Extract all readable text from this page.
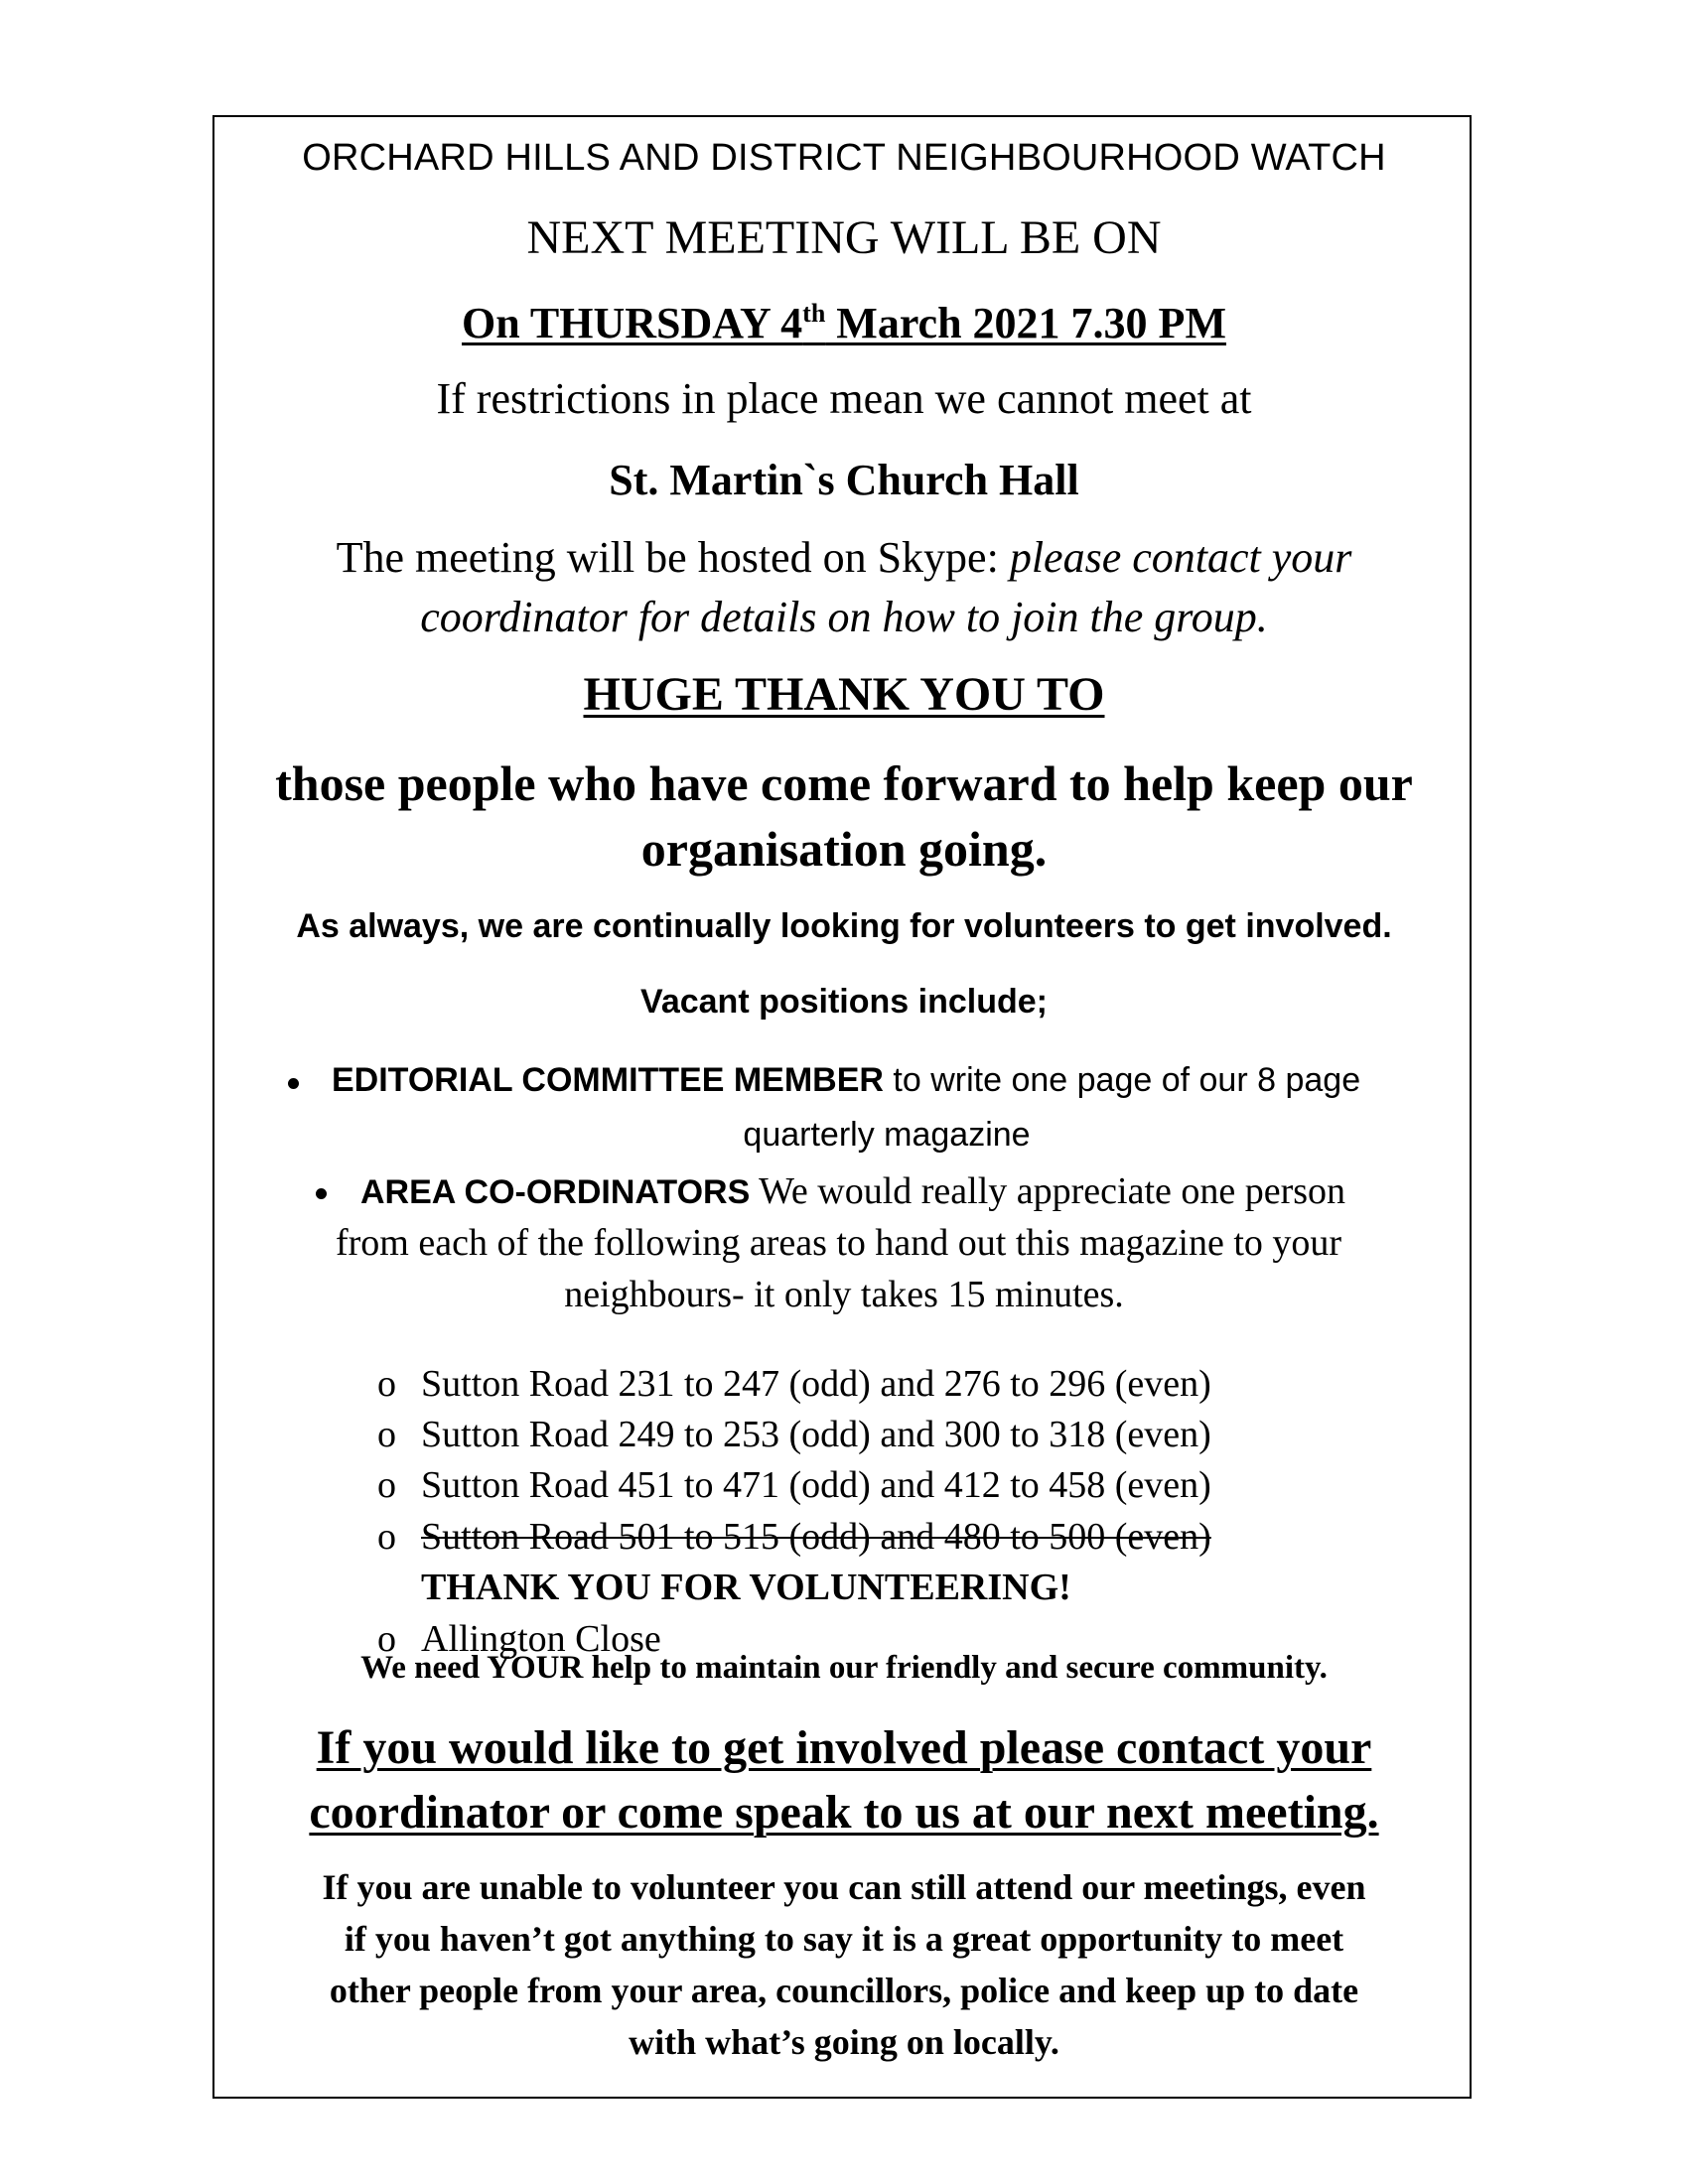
ORCHARD HILLS AND DISTRICT NEIGHBOURHOOD WATCH

NEXT MEETING WILL BE ON

On THURSDAY 4th March 2021 7.30 PM

If restrictions in place mean we cannot meet at

St. Martin`s Church Hall

The meeting will be hosted on Skype: please contact your

coordinator for details on how to join the group.

HUGE THANK YOU TO

those people who have come forward to help keep our

organisation going.

As always, we are continually looking for volunteers to get involved.

Vacant positions include;

EDITORIAL COMMITTEE MEMBER to write one page of our 8 page

quarterly magazine

AREA CO-ORDINATORS We would really appreciate one person

from each of the following areas to hand out this magazine to your

neighbours- it only takes 15 minutes.

o Sutton Road 231 to 247 (odd) and 276 to 296 (even)

o Sutton Road 249 to 253 (odd) and 300 to 318 (even)

o Sutton Road 451 to 471 (odd) and 412 to 458 (even)

o Sutton Road 501 to 515 (odd) and 480 to 500 (even)

THANK YOU FOR VOLUNTEERING!

o Allington Close

We need YOUR help to maintain our friendly and secure community.

If you would like to get involved please contact your

coordinator or come speak to us at our next meeting.

If you are unable to volunteer you can still attend our meetings, even

if you haven’t got anything to say it is a great opportunity to meet

other people from your area, councillors, police and keep up to date

with what’s going on locally.
